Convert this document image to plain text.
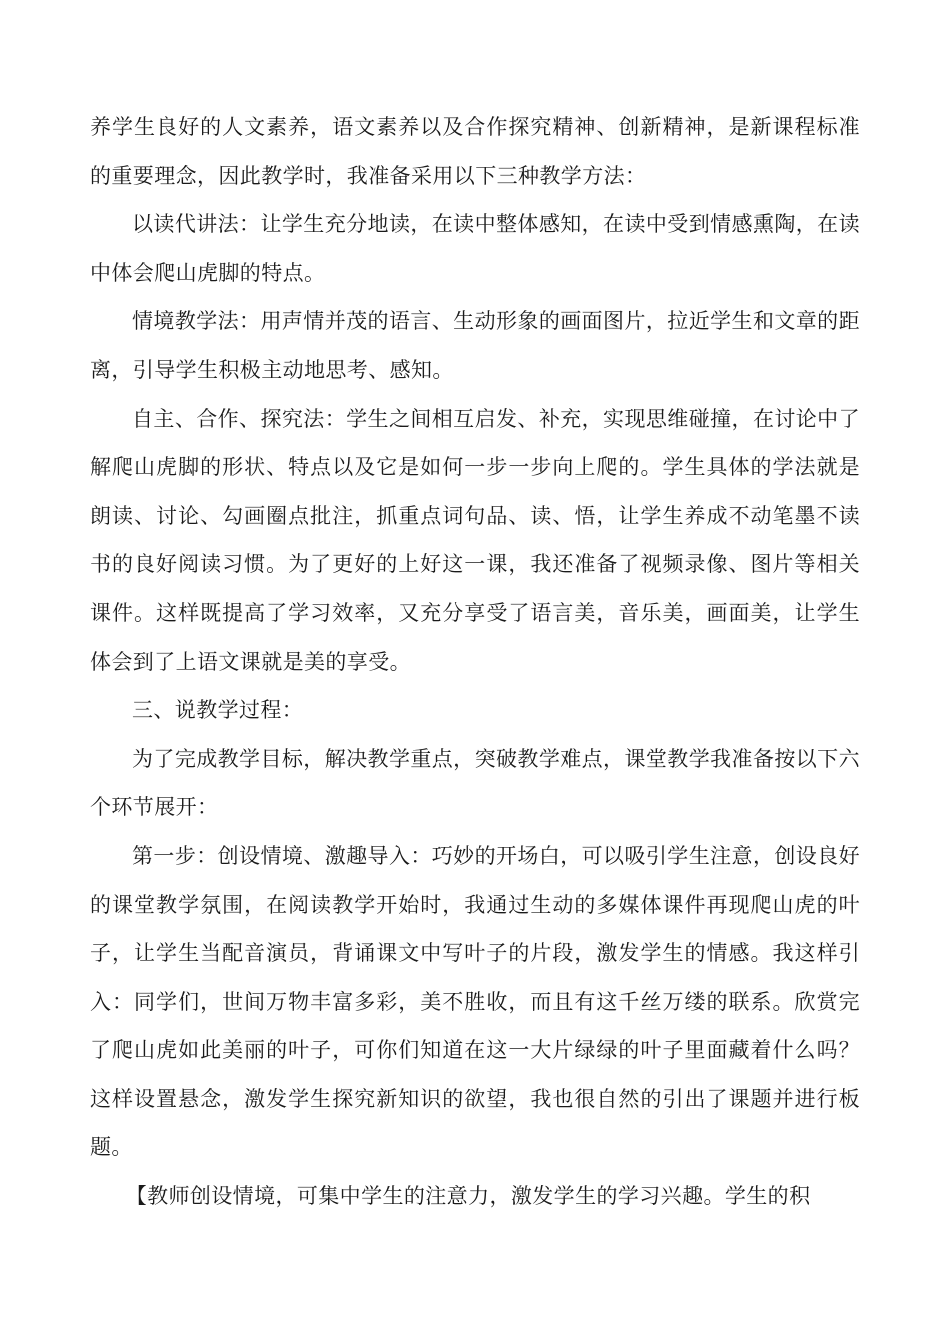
养学生良好的人文素养，语文素养以及合作探究精神、创新精神，是新课程标准的重要理念，因此教学时，我准备采用以下三种教学方法：

以读代讲法：让学生充分地读，在读中整体感知，在读中受到情感熏陶，在读中体会爬山虎脚的特点。

情境教学法：用声情并茂的语言、生动形象的画面图片，拉近学生和文章的距离，引导学生积极主动地思考、感知。

自主、合作、探究法：学生之间相互启发、补充，实现思维碰撞，在讨论中了解爬山虎脚的形状、特点以及它是如何一步一步向上爬的。学生具体的学法就是朗读、讨论、勾画圈点批注，抓重点词句品、读、悟，让学生养成不动笔墨不读书的良好阅读习惯。为了更好的上好这一课，我还准备了视频录像、图片等相关课件。这样既提高了学习效率，又充分享受了语言美，音乐美，画面美，让学生体会到了上语文课就是美的享受。

三、说教学过程：

为了完成教学目标，解决教学重点，突破教学难点，课堂教学我准备按以下六个环节展开：

第一步：创设情境、激趣导入：巧妙的开场白，可以吸引学生注意，创设良好的课堂教学氛围，在阅读教学开始时，我通过生动的多媒体课件再现爬山虎的叶子，让学生当配音演员，背诵课文中写叶子的片段，激发学生的情感。我这样引入：同学们，世间万物丰富多彩，美不胜收，而且有这千丝万缕的联系。欣赏完了爬山虎如此美丽的叶子，可你们知道在这一大片绿绿的叶子里面藏着什么吗？这样设置悬念，激发学生探究新知识的欲望，我也很自然的引出了课题并进行板题。

【教师创设情境，可集中学生的注意力，激发学生的学习兴趣。学生的积
